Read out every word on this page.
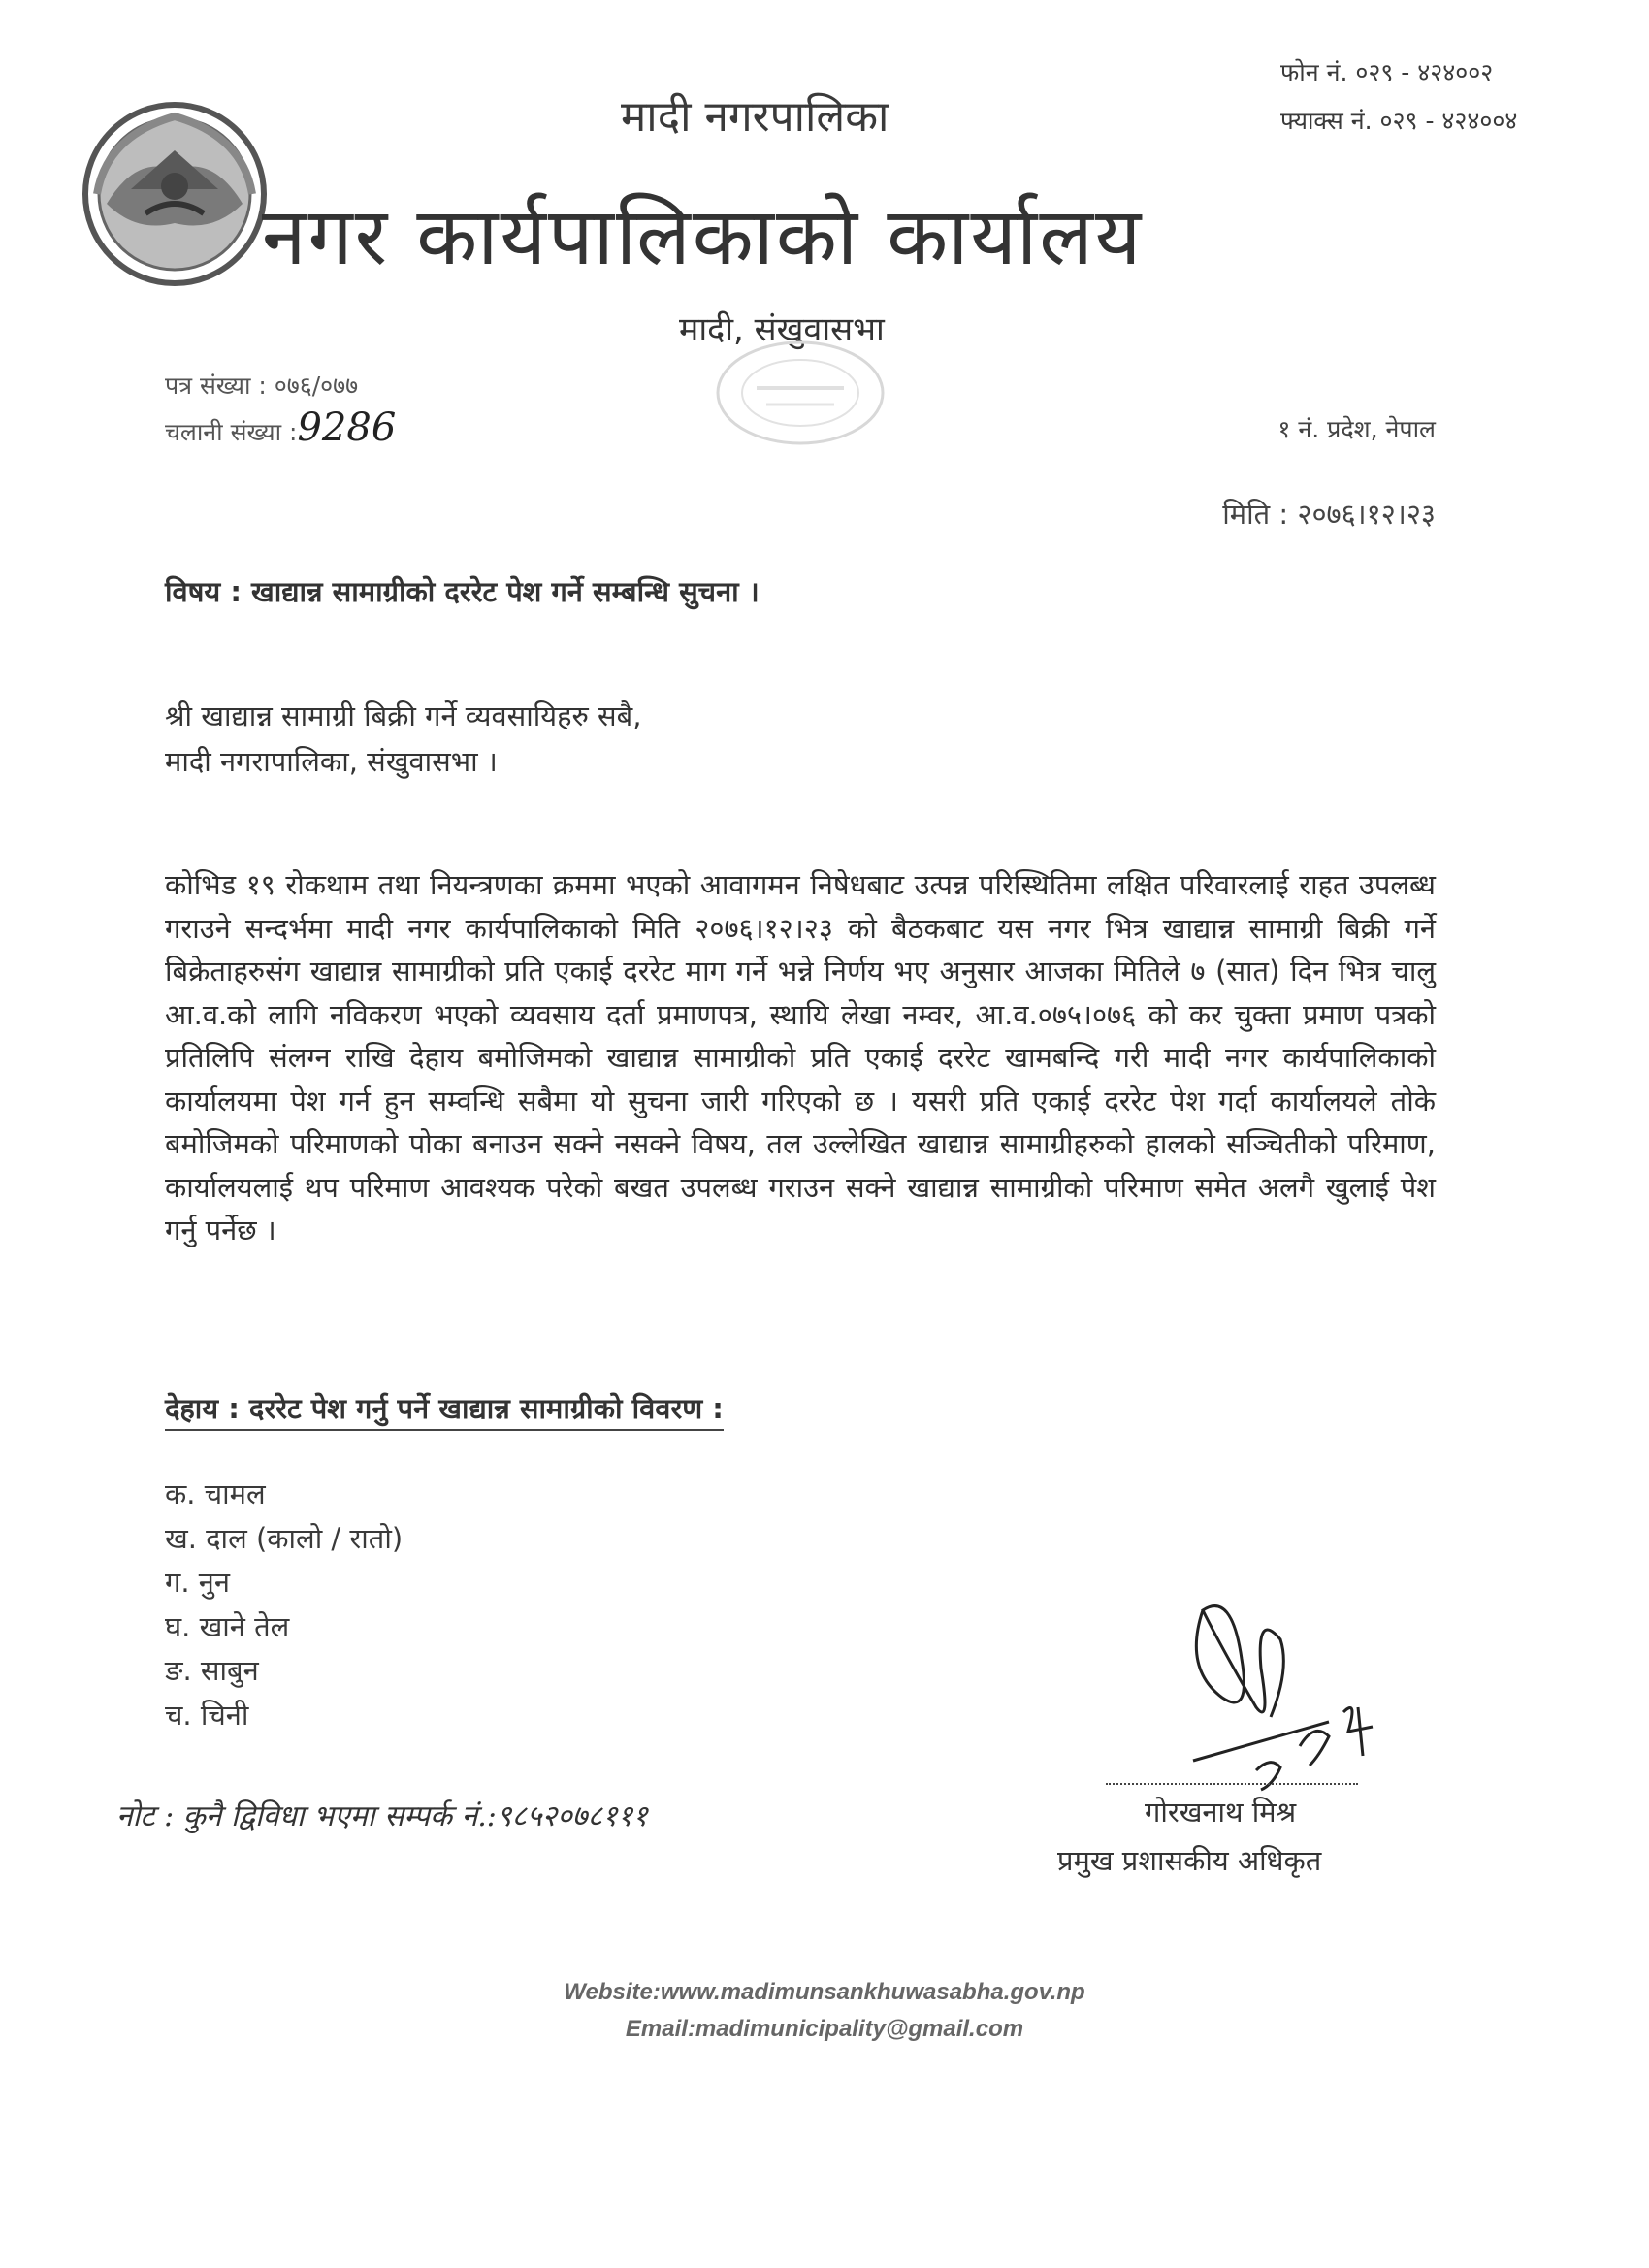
फोन नं. ०२९ - ४२४००२
फ्याक्स नं. ०२९ - ४२४००४
मादी नगरपालिका
नगर कार्यपालिकाको कार्यालय
मादी, संखुवासभा
पत्र संख्या : ०७६/०७७
चलानी संख्या :9286	१ नं. प्रदेश, नेपाल
मिति : २०७६।१२।२३
विषय : खाद्यान्न सामाग्रीको दररेट पेश गर्ने सम्बन्धि सुचना ।
श्री खाद्यान्न सामाग्री बिक्री गर्ने व्यवसायिहरु सबै,
मादी नगरापालिका, संखुवासभा ।
कोभिड १९ रोकथाम तथा नियन्त्रणका क्रममा भएको आवागमन निषेधबाट उत्पन्न परिस्थितिमा लक्षित परिवारलाई राहत उपलब्ध गराउने सन्दर्भमा मादी नगर कार्यपालिकाको मिति २०७६।१२।२३ को बैठकबाट यस नगर भित्र खाद्यान्न सामाग्री बिक्री गर्ने बिक्रेताहरुसंग खाद्यान्न सामाग्रीको प्रति एकाई दररेट माग गर्ने भन्ने निर्णय भए अनुसार आजका मितिले ७ (सात) दिन भित्र चालु आ.व.को लागि नविकरण भएको व्यवसाय दर्ता प्रमाणपत्र, स्थायि लेखा नम्वर, आ.व.०७५।०७६ को कर चुक्ता प्रमाण पत्रको प्रतिलिपि संलग्न राखि देहाय बमोजिमको खाद्यान्न सामाग्रीको प्रति एकाई दररेट खामबन्दि गरी मादी नगर कार्यपालिकाको कार्यालयमा पेश गर्न हुन सम्वन्धि सबैमा यो सुचना जारी गरिएको छ । यसरी प्रति एकाई दररेट पेश गर्दा कार्यालयले तोके बमोजिमको परिमाणको पोका बनाउन सक्ने नसक्ने विषय, तल उल्लेखित खाद्यान्न सामाग्रीहरुको हालको सञ्चितीको परिमाण, कार्यालयलाई थप परिमाण आवश्यक परेको बखत उपलब्ध गराउन सक्ने खाद्यान्न सामाग्रीको परिमाण समेत अलगै खुलाई पेश गर्नु पर्नेछ ।
देहाय : दररेट पेश गर्नु पर्ने खाद्यान्न सामाग्रीको विवरण :
क. चामल
ख. दाल (कालो / रातो)
ग. नुन
घ. खाने तेल
ङ. साबुन
च. चिनी
नोट : कुनै द्विविधा भएमा सम्पर्क नं.:९८५२०७८१११	गोरखनाथ मिश्र
प्रमुख प्रशासकीय अधिकृत
Website:www.madimunsankhuwasabha.gov.np
Email:madimunicipality@gmail.com
